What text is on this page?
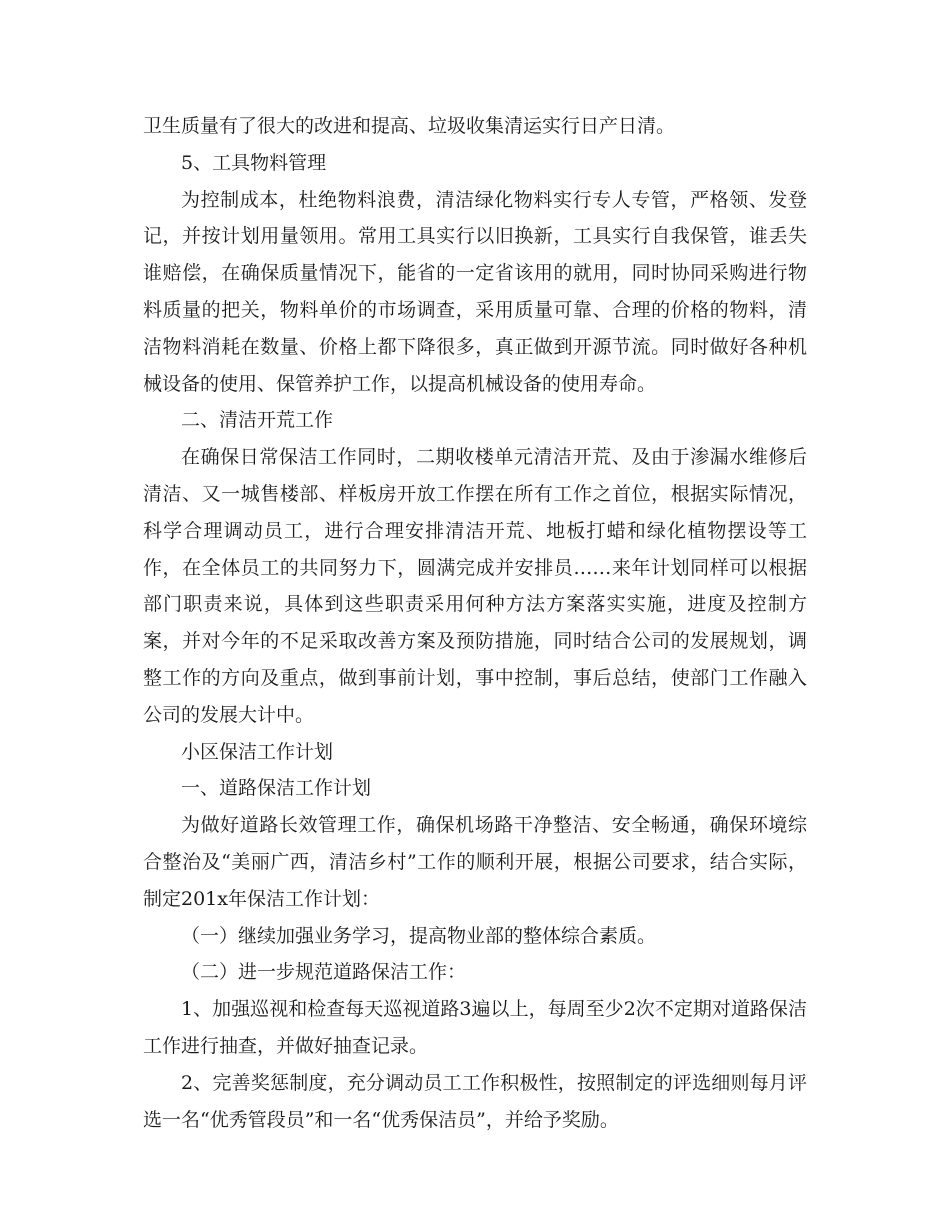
卫生质量有了很大的改进和提高、垃圾收集清运实行日产日清。

5、工具物料管理

为控制成本，杜绝物料浪费，清洁绿化物料实行专人专管，严格领、发登记，并按计划用量领用。常用工具实行以旧换新，工具实行自我保管，谁丢失谁赔偿，在确保质量情况下，能省的一定省该用的就用，同时协同采购进行物料质量的把关，物料单价的市场调查，采用质量可靠、合理的价格的物料，清洁物料消耗在数量、价格上都下降很多，真正做到开源节流。同时做好各种机械设备的使用、保管养护工作，以提高机械设备的使用寿命。

二、清洁开荒工作

在确保日常保洁工作同时，二期收楼单元清洁开荒、及由于渗漏水维修后清洁、又一城售楼部、样板房开放工作摆在所有工作之首位，根据实际情况，科学合理调动员工，进行合理安排清洁开荒、地板打蜡和绿化植物摆设等工作，在全体员工的共同努力下，圆满完成并安排员……来年计划同样可以根据部门职责来说，具体到这些职责采用何种方法方案落实实施，进度及控制方案，并对今年的不足采取改善方案及预防措施，同时结合公司的发展规划，调整工作的方向及重点，做到事前计划，事中控制，事后总结，使部门工作融入公司的发展大计中。

小区保洁工作计划

一、道路保洁工作计划

为做好道路长效管理工作，确保机场路干净整洁、安全畅通，确保环境综合整治及“美丽广西，清洁乡村”工作的顺利开展，根据公司要求，结合实际，制定201x年保洁工作计划：

（一）继续加强业务学习，提高物业部的整体综合素质。

（二）进一步规范道路保洁工作：

1、加强巡视和检查每天巡视道路3遍以上，每周至少2次不定期对道路保洁工作进行抽查，并做好抽查记录。

2、完善奖惩制度，充分调动员工工作积极性，按照制定的评选细则每月评选一名“优秀管段员”和一名“优秀保洁员”，并给予奖励。
